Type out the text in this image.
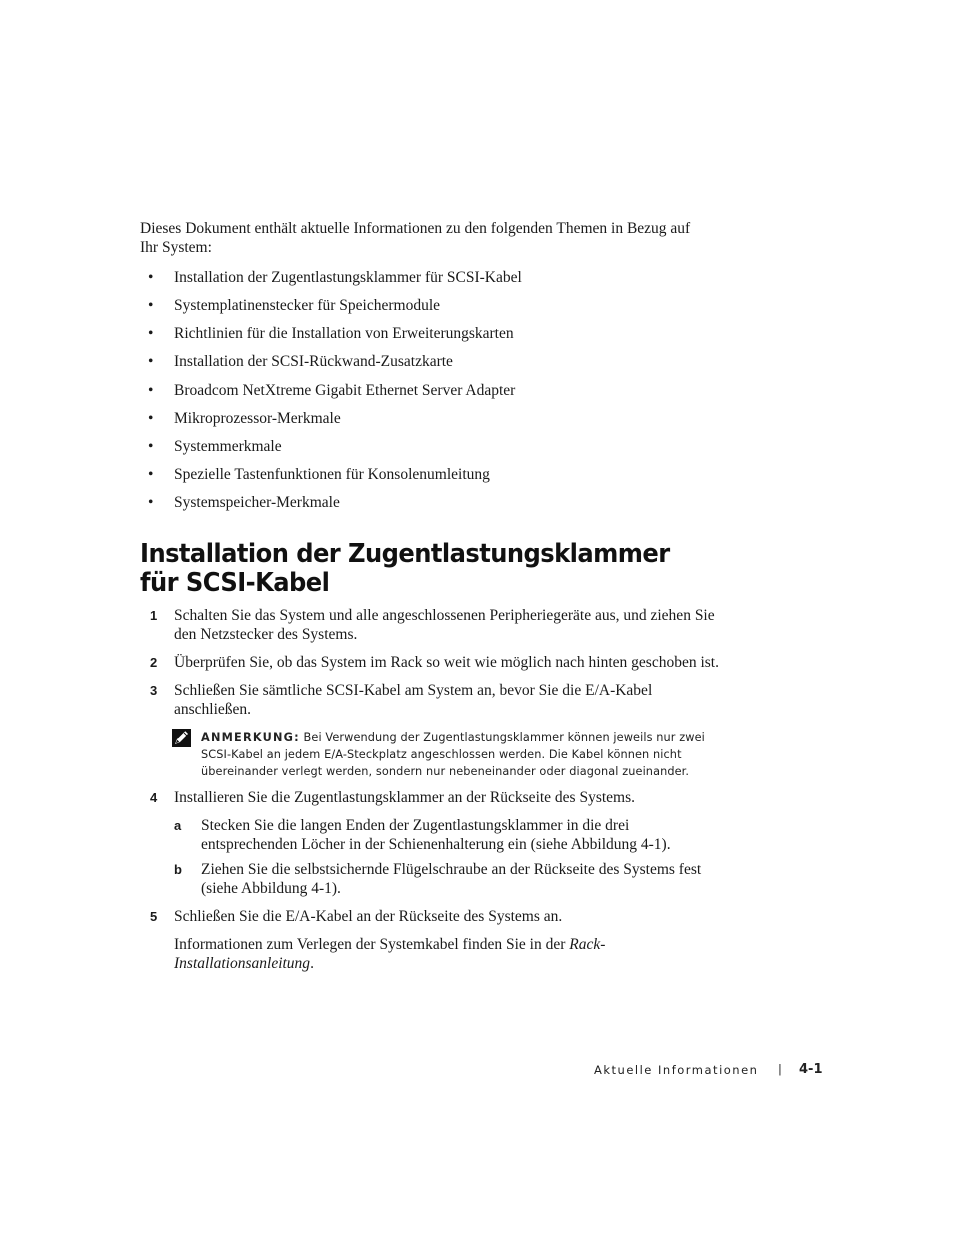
Dieses Dokument enthält aktuelle Informationen zu den folgenden Themen in Bezug auf Ihr System:
• Installation der Zugentlastungsklammer für SCSI-Kabel
• Systemplatinenstecker für Speichermodule
• Richtlinien für die Installation von Erweiterungskarten
• Installation der SCSI-Rückwand-Zusatzkarte
• Broadcom NetXtreme Gigabit Ethernet Server Adapter
• Mikroprozessor-Merkmale
• Systemmerkmale
• Spezielle Tastenfunktionen für Konsolenumleitung
• Systemspeicher-Merkmale
Installation der Zugentlastungsklammer
für SCSI-Kabel
1 Schalten Sie das System und alle angeschlossenen Peripheriegeräte aus, und ziehen Sie den Netzstecker des Systems.
2 Überprüfen Sie, ob das System im Rack so weit wie möglich nach hinten geschoben ist.
3 Schließen Sie sämtliche SCSI-Kabel am System an, bevor Sie die E/A-Kabel anschließen.
ANMERKUNG: Bei Verwendung der Zugentlastungsklammer können jeweils nur zwei SCSI-Kabel an jedem E/A-Steckplatz angeschlossen werden. Die Kabel können nicht übereinander verlegt werden, sondern nur nebeneinander oder diagonal zueinander.
4 Installieren Sie die Zugentlastungsklammer an der Rückseite des Systems.
a Stecken Sie die langen Enden der Zugentlastungsklammer in die drei entsprechenden Löcher in der Schienenhalterung ein (siehe Abbildung 4-1).
b Ziehen Sie die selbstsichernde Flügelschraube an der Rückseite des Systems fest (siehe Abbildung 4-1).
5 Schließen Sie die E/A-Kabel an der Rückseite des Systems an.
Informationen zum Verlegen der Systemkabel finden Sie in der Rack-Installationsanleitung.
Aktuelle Informationen | 4-1
